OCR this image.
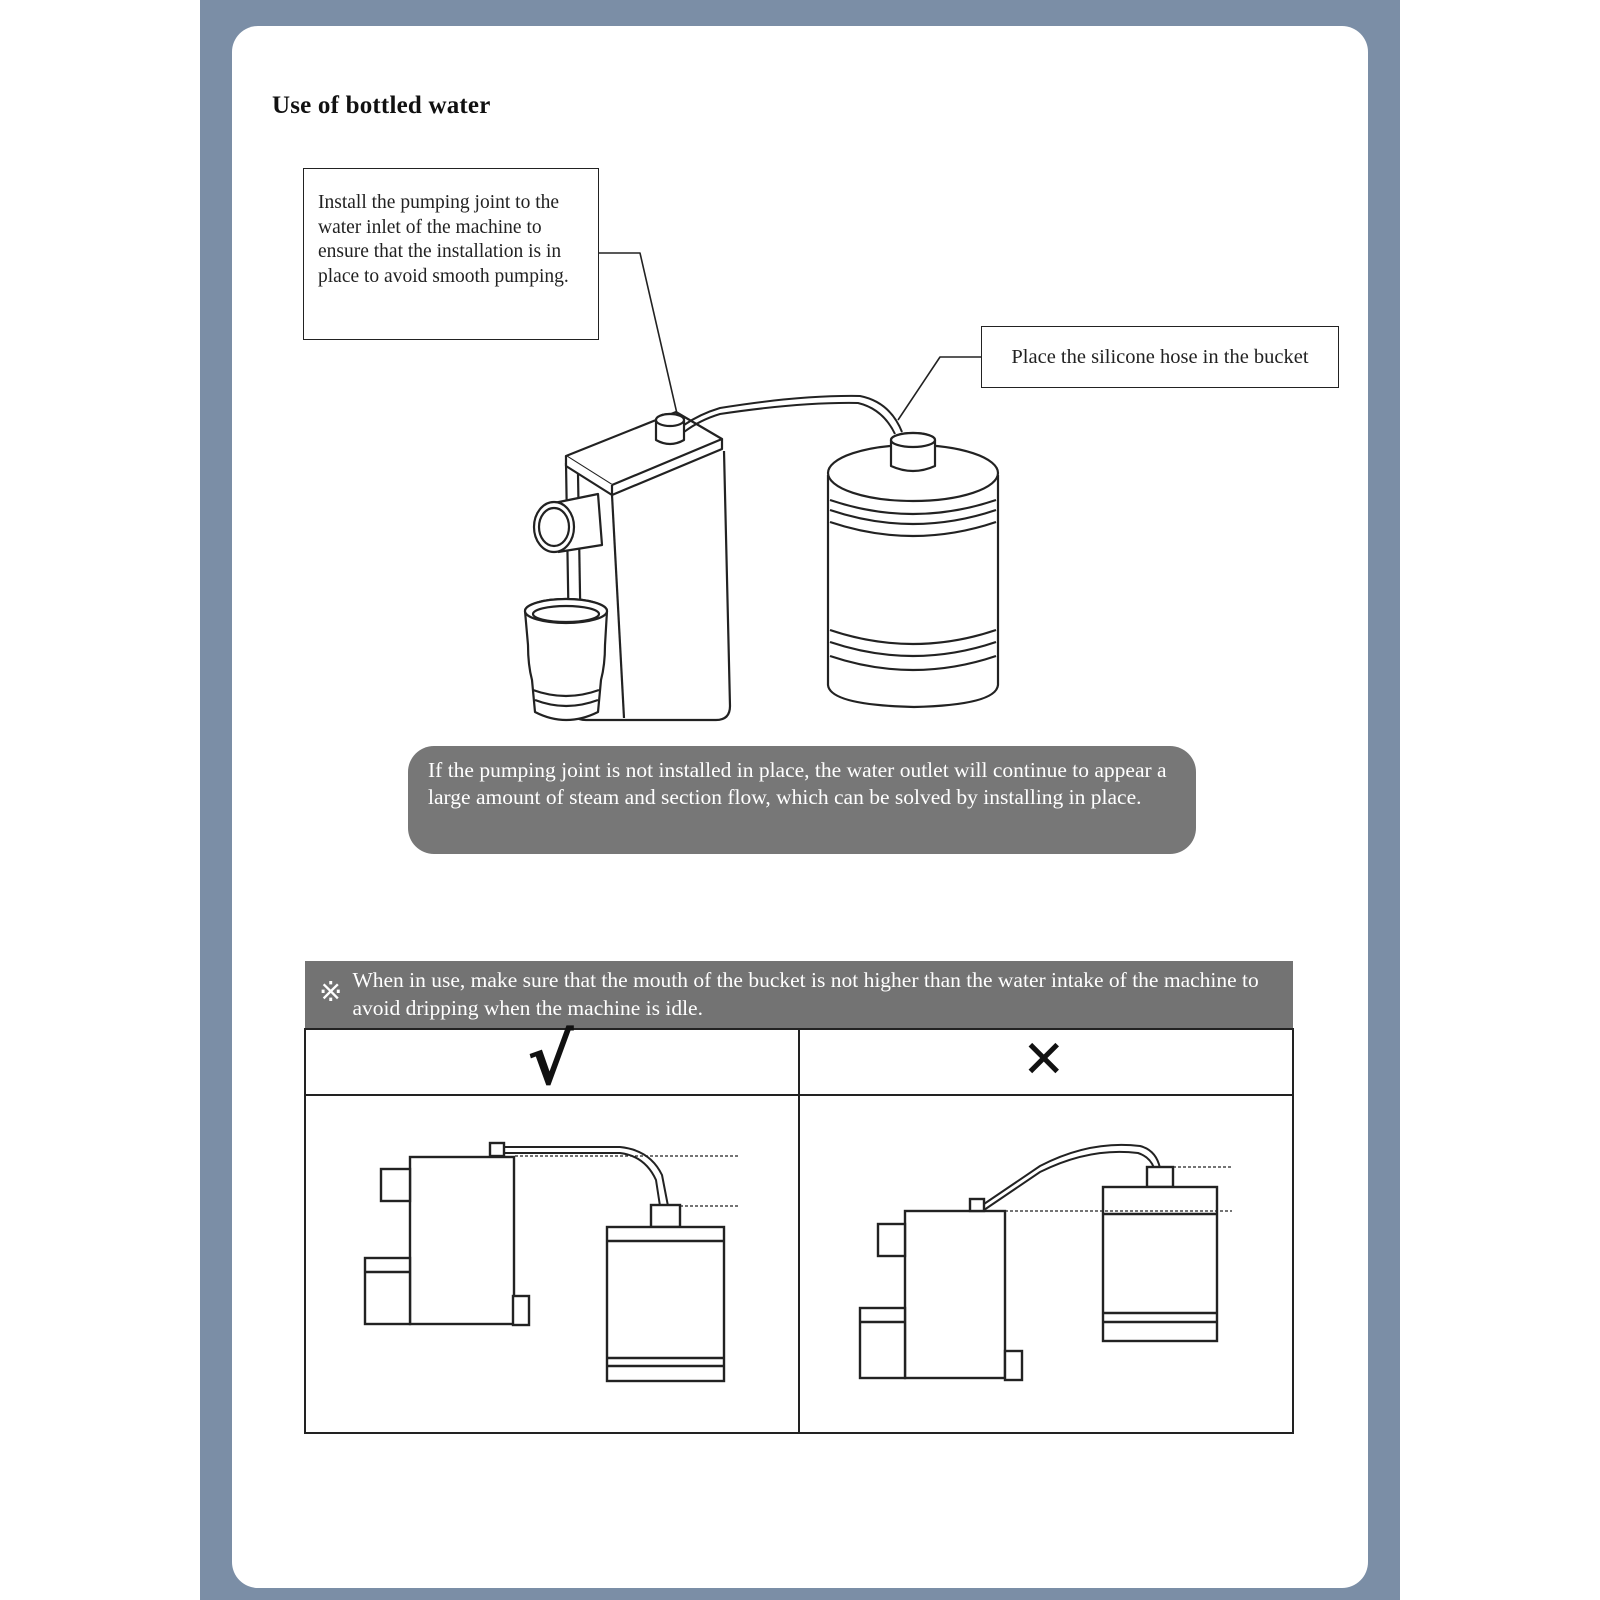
Use of bottled water
Install the pumping joint to the water inlet of the machine to ensure that the installation is in place to avoid smooth pumping.
Place the silicone hose in the bucket
If the pumping joint is not installed in place, the water outlet will continue to appear a large amount of steam and section flow, which can be solved by installing in place.
※ When in use, make sure that the mouth of the bucket is not higher than the water intake of the machine to avoid dripping when the machine is idle.
√	✕
